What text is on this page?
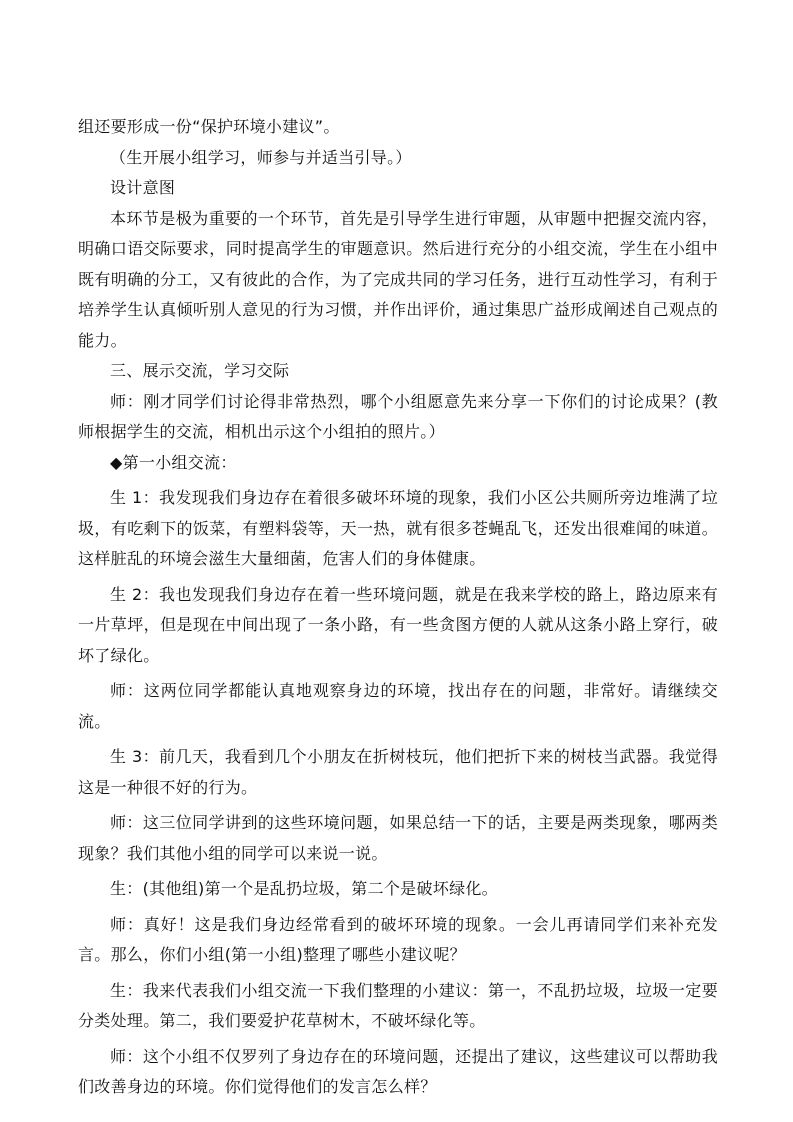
组还要形成一份“保护环境小建议”。

（生开展小组学习，师参与并适当引导。）

设计意图

本环节是极为重要的一个环节，首先是引导学生进行审题，从审题中把握交流内容，明确口语交际要求，同时提高学生的审题意识。然后进行充分的小组交流，学生在小组中既有明确的分工，又有彼此的合作，为了完成共同的学习任务，进行互动性学习，有利于培养学生认真倾听别人意见的行为习惯，并作出评价，通过集思广益形成阐述自己观点的能力。

三、展示交流，学习交际

师：刚才同学们讨论得非常热烈，哪个小组愿意先来分享一下你们的讨论成果？(教师根据学生的交流，相机出示这个小组拍的照片。）

◆第一小组交流：

生 1：我发现我们身边存在着很多破坏环境的现象，我们小区公共厕所旁边堆满了垃圾，有吃剩下的饭菜，有塑料袋等，天一热，就有很多苍蝇乱飞，还发出很难闻的味道。这样脏乱的环境会滋生大量细菌，危害人们的身体健康。

生 2：我也发现我们身边存在着一些环境问题，就是在我来学校的路上，路边原来有一片草坪，但是现在中间出现了一条小路，有一些贪图方便的人就从这条小路上穿行，破坏了绿化。

师：这两位同学都能认真地观察身边的环境，找出存在的问题，非常好。请继续交流。

生 3：前几天，我看到几个小朋友在折树枝玩，他们把折下来的树枝当武器。我觉得这是一种很不好的行为。

师：这三位同学讲到的这些环境问题，如果总结一下的话，主要是两类现象，哪两类现象？我们其他小组的同学可以来说一说。

生：(其他组)第一个是乱扔垃圾，第二个是破坏绿化。

师：真好！这是我们身边经常看到的破坏环境的现象。一会儿再请同学们来补充发言。那么，你们小组(第一小组)整理了哪些小建议呢？

生：我来代表我们小组交流一下我们整理的小建议：第一，不乱扔垃圾，垃圾一定要分类处理。第二，我们要爱护花草树木，不破坏绿化等。

师：这个小组不仅罗列了身边存在的环境问题，还提出了建议，这些建议可以帮助我们改善身边的环境。你们觉得他们的发言怎么样？
